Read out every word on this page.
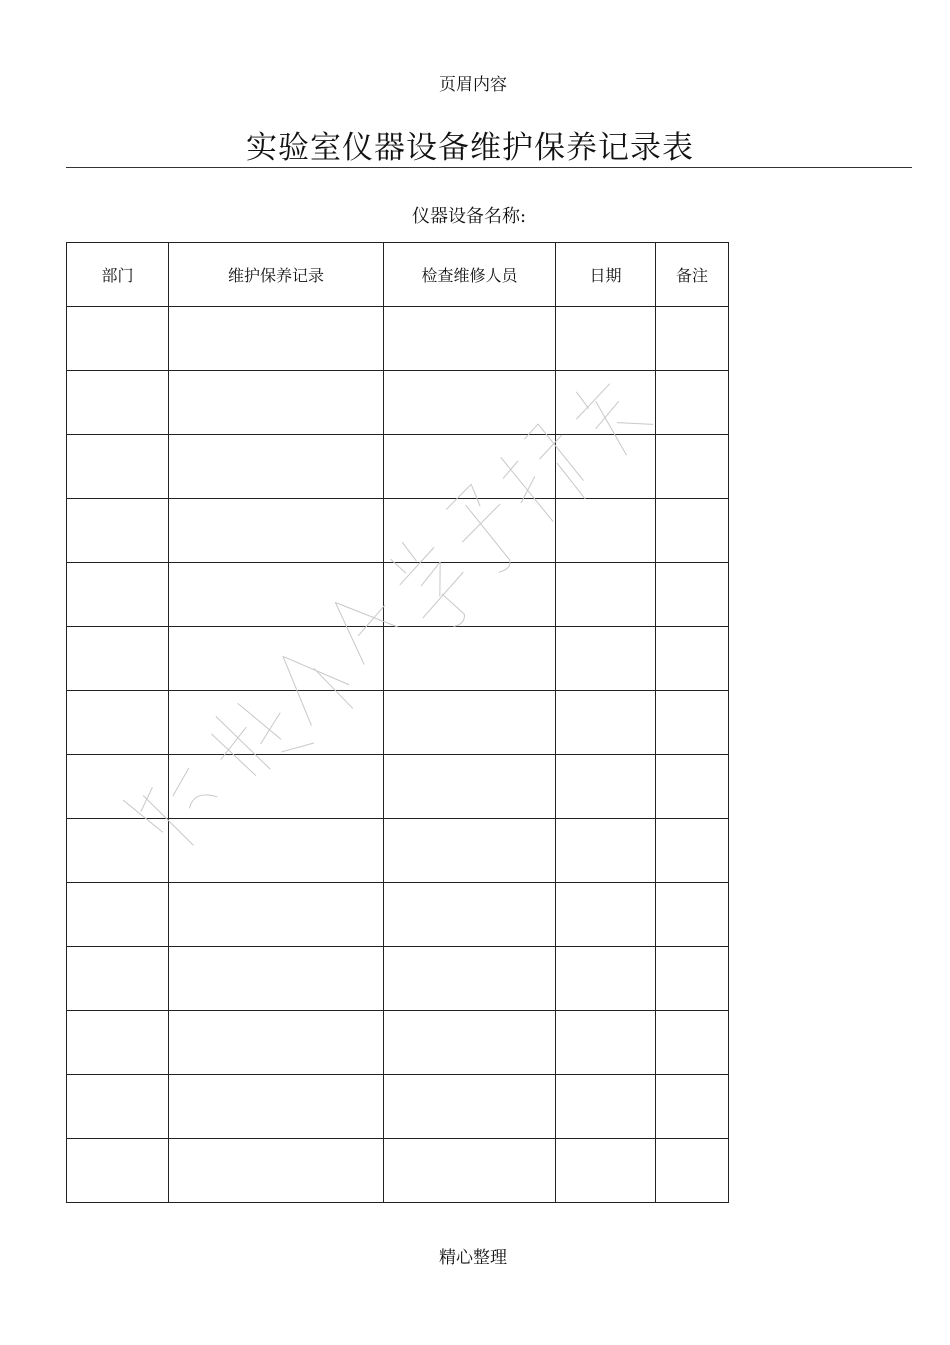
页眉内容
实验室仪器设备维护保养记录表
仪器设备名称:
部门	维护保养记录	检查维修人员	日期	备注

精心整理
